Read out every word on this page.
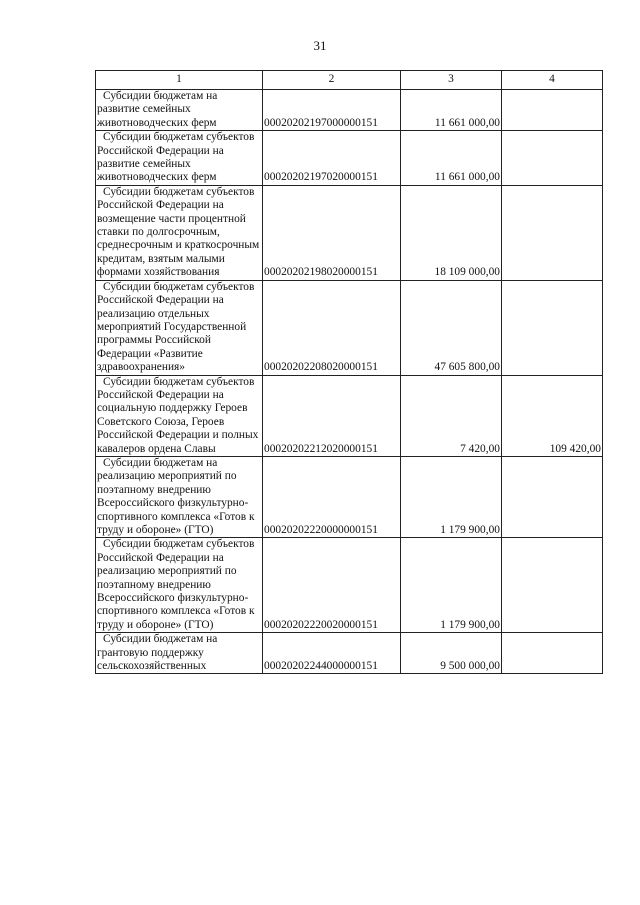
31
1	2	3	4

Субсидии бюджетам на развитие семейных животноводческих ферм	00020202197000000151	11 661 000,00	

Субсидии бюджетам субъектов Российской Федерации на развитие семейных животноводческих ферм	00020202197020000151	11 661 000,00	

Субсидии бюджетам субъектов Российской Федерации на возмещение части процентной ставки по долгосрочным, среднесрочным и краткосрочным кредитам, взятым малыми формами хозяйствования	00020202198020000151	18 109 000,00	

Субсидии бюджетам субъектов Российской Федерации на реализацию отдельных мероприятий Государственной программы Российской Федерации «Развитие здравоохранения»	00020202208020000151	47 605 800,00	

Субсидии бюджетам субъектов Российской Федерации на социальную поддержку Героев Советского Союза, Героев Российской Федерации и полных кавалеров ордена Славы	00020202212020000151	7 420,00	109 420,00

Субсидии бюджетам на реализацию мероприятий по поэтапному внедрению Всероссийского физкультурно-спортивного комплекса «Готов к труду и обороне» (ГТО)	00020202220000000151	1 179 900,00	

Субсидии бюджетам субъектов Российской Федерации на реализацию мероприятий по поэтапному внедрению Всероссийского физкультурно-спортивного комплекса «Готов к труду и обороне» (ГТО)	00020202220020000151	1 179 900,00	

Субсидии бюджетам на грантовую поддержку сельскохозяйственных	00020202244000000151	9 500 000,00	
